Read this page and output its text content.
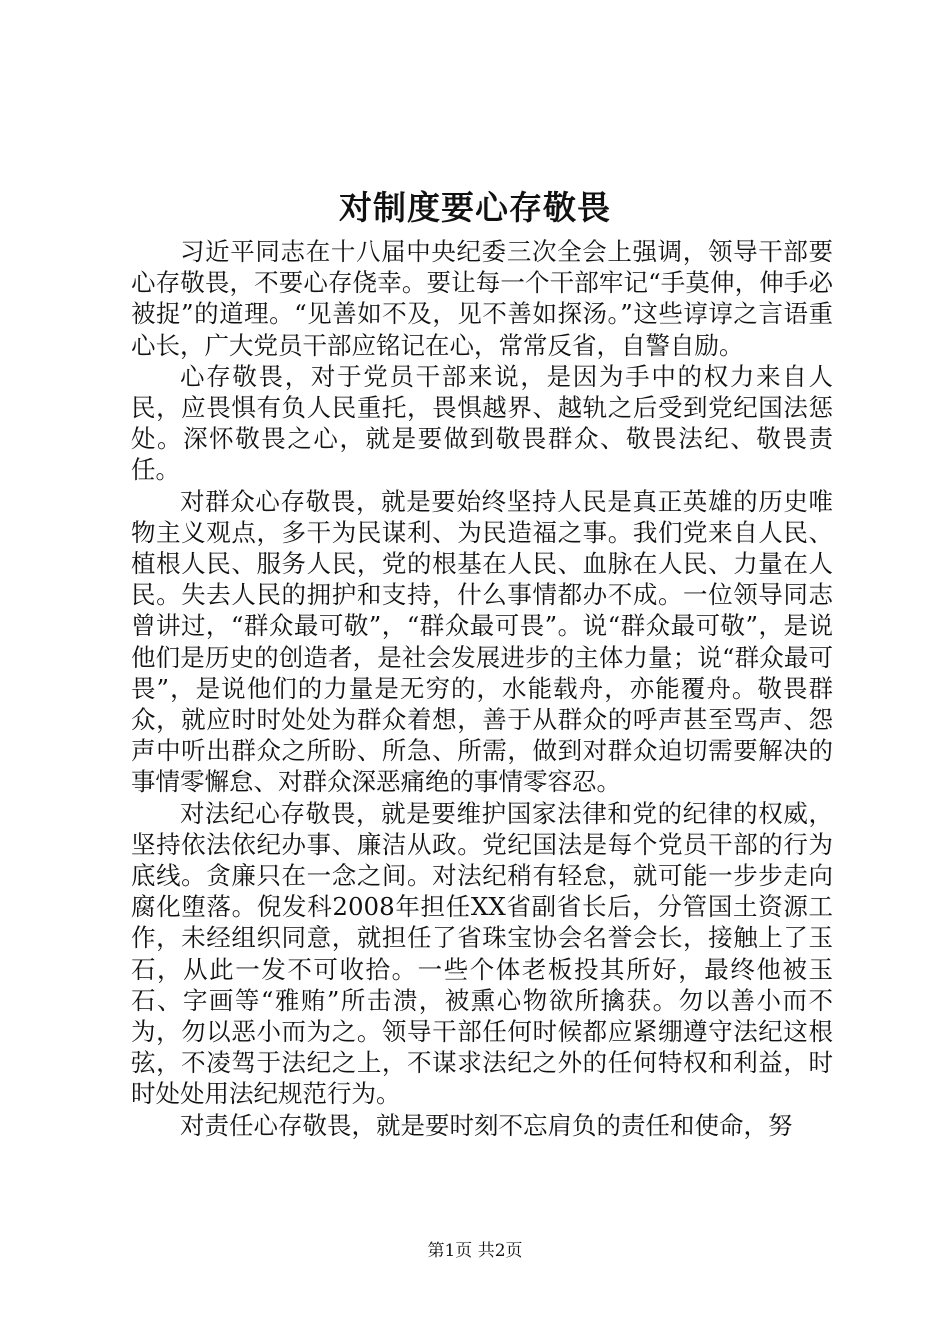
对制度要心存敬畏

习近平同志在十八届中央纪委三次全会上强调，领导干部要心存敬畏，不要心存侥幸。要让每一个干部牢记“手莫伸，伸手必被捉”的道理。“见善如不及，见不善如探汤。”这些谆谆之言语重心长，广大党员干部应铭记在心，常常反省，自警自励。

心存敬畏，对于党员干部来说，是因为手中的权力来自人民，应畏惧有负人民重托，畏惧越界、越轨之后受到党纪国法惩处。深怀敬畏之心，就是要做到敬畏群众、敬畏法纪、敬畏责任。

对群众心存敬畏，就是要始终坚持人民是真正英雄的历史唯物主义观点，多干为民谋利、为民造福之事。我们党来自人民、植根人民、服务人民，党的根基在人民、血脉在人民、力量在人民。失去人民的拥护和支持，什么事情都办不成。一位领导同志曾讲过，“群众最可敬”，“群众最可畏”。说“群众最可敬”，是说他们是历史的创造者，是社会发展进步的主体力量；说“群众最可畏”，是说他们的力量是无穷的，水能载舟，亦能覆舟。敬畏群众，就应时时处处为群众着想，善于从群众的呼声甚至骂声、怨声中听出群众之所盼、所急、所需，做到对群众迫切需要解决的事情零懈怠、对群众深恶痛绝的事情零容忍。

对法纪心存敬畏，就是要维护国家法律和党的纪律的权威，坚持依法依纪办事、廉洁从政。党纪国法是每个党员干部的行为底线。贪廉只在一念之间。对法纪稍有轻怠，就可能一步步走向腐化堕落。倪发科2008年担任XX省副省长后，分管国土资源工作，未经组织同意，就担任了省珠宝协会名誉会长，接触上了玉石，从此一发不可收拾。一些个体老板投其所好，最终他被玉石、字画等“雅贿”所击溃，被熏心物欲所擒获。勿以善小而不为，勿以恶小而为之。领导干部任何时候都应紧绷遵守法纪这根弦，不凌驾于法纪之上，不谋求法纪之外的任何特权和利益，时时处处用法纪规范行为。

对责任心存敬畏，就是要时刻不忘肩负的责任和使命，努

第1页 共2页
